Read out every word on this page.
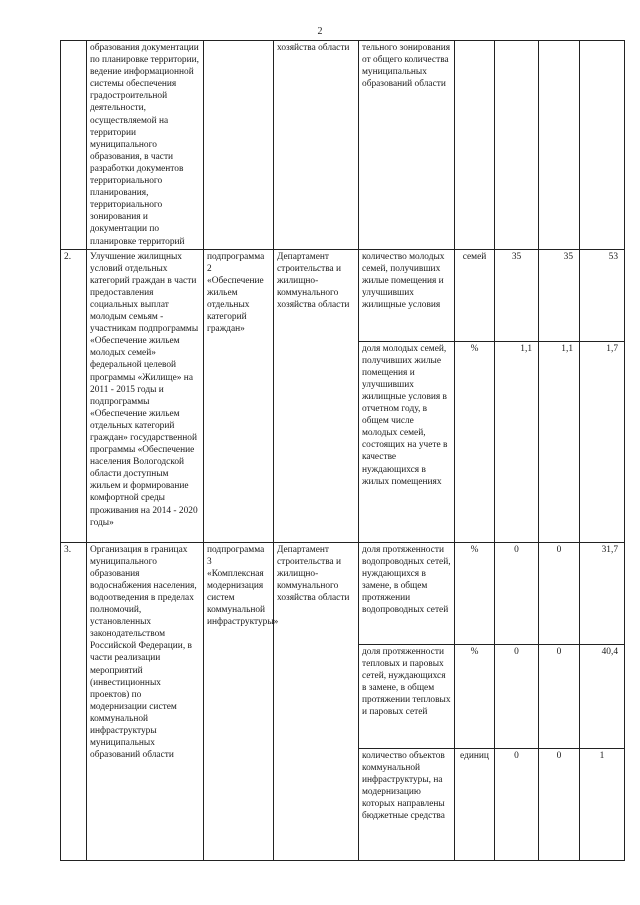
2
	образования документации по планировке территории, ведение информационной системы обеспечения градостроительной деятельности, осуществляемой на территории муниципального образования, в части разработки документов территориального планирования, территориального зонирования и документации по планировке территорий		хозяйства области	тельного зонирования от общего количества муниципальных образований области				
2.	Улучшение жилищных условий отдельных категорий граждан в части предоставления социальных выплат молодым семьям - участникам подпрограммы «Обеспечение жильем молодых семей» федеральной целевой программы «Жилище» на 2011 - 2015 годы и подпрограммы «Обеспечение жильем отдельных категорий граждан» государственной программы «Обеспечение населения Вологодской области доступным жильем и формирование комфортной среды проживания на 2014 - 2020 годы»	подпрограмма 2 «Обеспечение жильем отдельных категорий граждан»	Департамент строительства и жилищно-коммунального хозяйства области	количество молодых семей, получивших жилые помещения и улучшивших жилищные условия	семей	35	35	53
				доля молодых семей, получивших жилые помещения и улучшивших жилищные условия в отчетном году, в общем числе молодых семей, состоящих на учете в качестве нуждающихся в жилых помещениях	%	1,1	1,1	1,7
3.	Организация в границах муниципального образования водоснабжения населения, водоотведения в пределах полномочий, установленных законодательством Российской Федерации, в части реализации мероприятий (инвестиционных проектов) по модернизации систем коммунальной инфраструктуры муниципальных образований области	подпрограмма 3 «Комплексная модернизация систем коммунальной инфраструктуры»	Департамент строительства и жилищно-коммунального хозяйства области	доля протяженности водопроводных сетей, нуждающихся в замене, в общем протяжении водопроводных сетей	%	0	0	31,7
				доля протяженности тепловых и паровых сетей, нуждающихся в замене, в общем протяжении тепловых и паровых сетей	%	0	0	40,4
				количество объектов коммунальной инфраструктуры, на модернизацию которых направлены бюджетные средства	единиц	0	0	1
